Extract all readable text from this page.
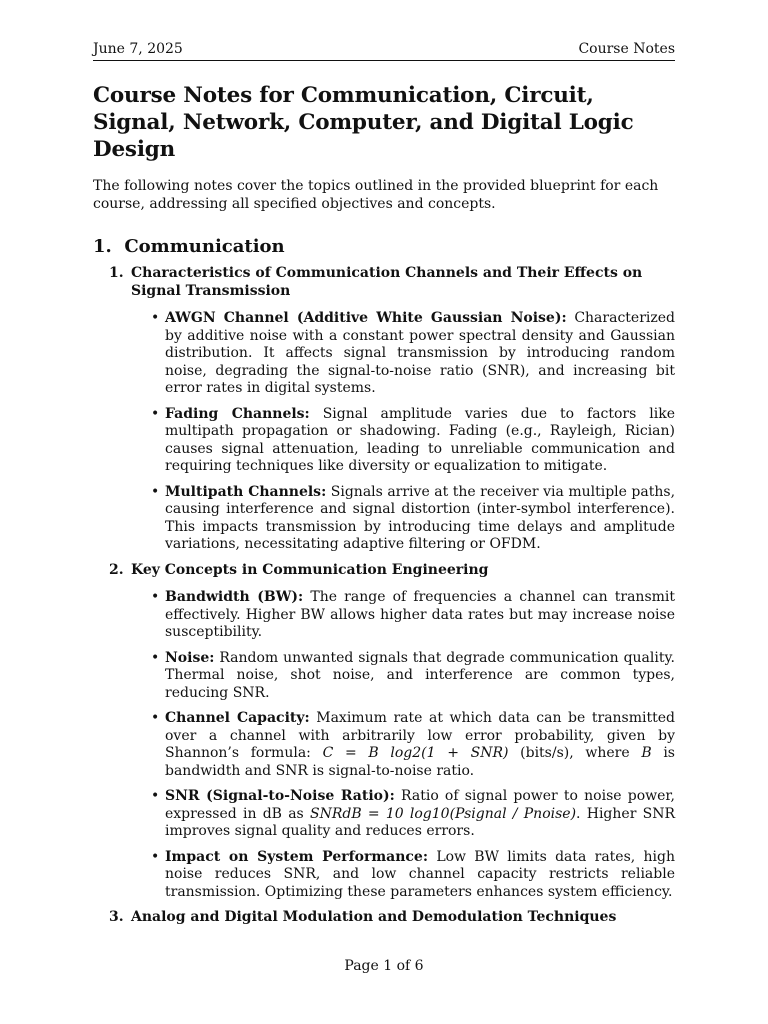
June 7, 2025	Course Notes
Course Notes for Communication, Circuit, Signal, Network, Computer, and Digital Logic Design

The following notes cover the topics outlined in the provided blueprint for each course, addressing all specified objectives and concepts.

1. Communication
1. Characteristics of Communication Channels and Their Effects on Signal Transmission
• AWGN Channel (Additive White Gaussian Noise): Characterized by additive noise with a constant power spectral density and Gaussian distribution. It affects signal transmission by introducing random noise, degrading the signal-to-noise ratio (SNR), and increasing bit error rates in digital systems.
• Fading Channels: Signal amplitude varies due to factors like multipath propagation or shadowing. Fading (e.g., Rayleigh, Rician) causes signal attenuation, leading to unreliable communication and requiring techniques like diversity or equalization to mitigate.
• Multipath Channels: Signals arrive at the receiver via multiple paths, causing interference and signal distortion (inter-symbol interference). This impacts transmission by introducing time delays and amplitude variations, necessitating adaptive filtering or OFDM.
2. Key Concepts in Communication Engineering
• Bandwidth (BW): The range of frequencies a channel can transmit effectively. Higher BW allows higher data rates but may increase noise susceptibility.
• Noise: Random unwanted signals that degrade communication quality. Thermal noise, shot noise, and interference are common types, reducing SNR.
• Channel Capacity: Maximum rate at which data can be transmitted over a channel with arbitrarily low error probability, given by Shannon’s formula: C = B log2(1 + SNR) (bits/s), where B is bandwidth and SNR is signal-to-noise ratio.
• SNR (Signal-to-Noise Ratio): Ratio of signal power to noise power, expressed in dB as SNRdB = 10 log10(Psignal / Pnoise). Higher SNR improves signal quality and reduces errors.
• Impact on System Performance: Low BW limits data rates, high noise reduces SNR, and low channel capacity restricts reliable transmission. Optimizing these parameters enhances system efficiency.
3. Analog and Digital Modulation and Demodulation Techniques
Page 1 of 6
